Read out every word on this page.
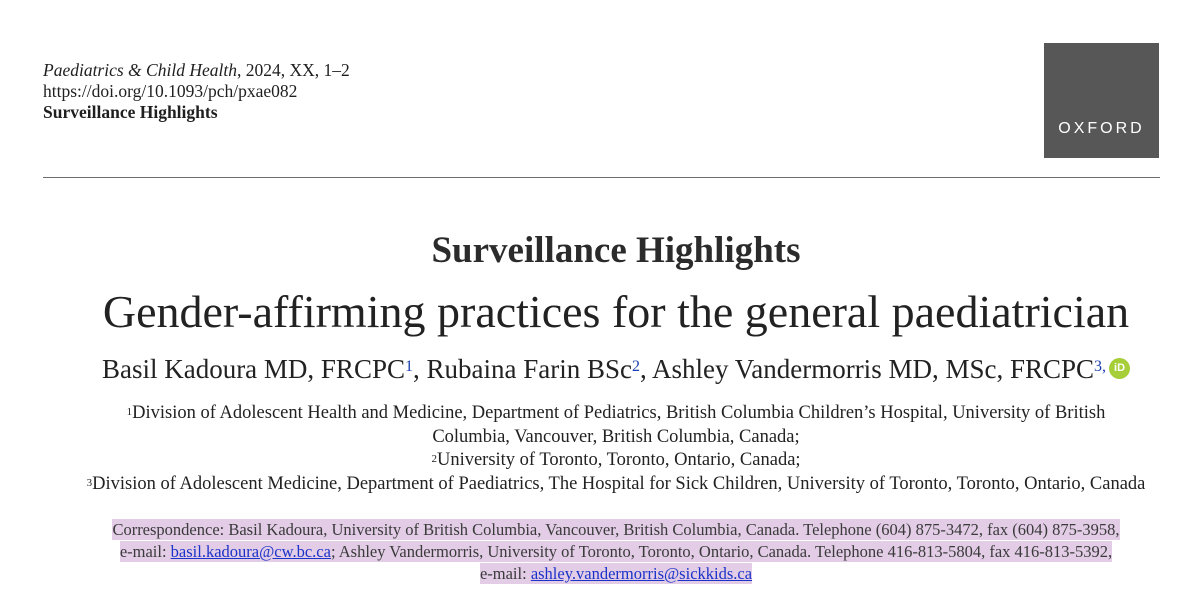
Paediatrics & Child Health, 2024, XX, 1–2
https://doi.org/10.1093/pch/pxae082
Surveillance Highlights
OXFORD
Surveillance Highlights
Gender-affirming practices for the general paediatrician
Basil Kadoura MD, FRCPC$^1$, Rubaina Farin BSc$^2$, Ashley Vandermorris MD, MSc, $FRCPC^{3,}$ iD
$^1$Division of Adolescent Health and Medicine, Department of Pediatrics, British Columbia Children’s Hospital, University of British
Columbia, Vancouver, British Columbia, Canada;
$^2$University of Toronto, Toronto, Ontario, Canada;
$^3$Division of Adolescent Medicine, Department of Paediatrics, The Hospital for Sick Children, University of Toronto, Toronto, Ontario, Canada
Correspondence: Basil Kadoura, University of British Columbia, Vancouver, British Columbia, Canada. Telephone (604) 875-3472, fax (604) 875-3958,
e-mail: basil.kadoura@cw.bc.ca; Ashley Vandermorris, University of Toronto, Toronto, Ontario, Canada. Telephone 416-813-5804, fax 416-813-5392,
e-mail: ashley.vandermorris@sickkids.ca
